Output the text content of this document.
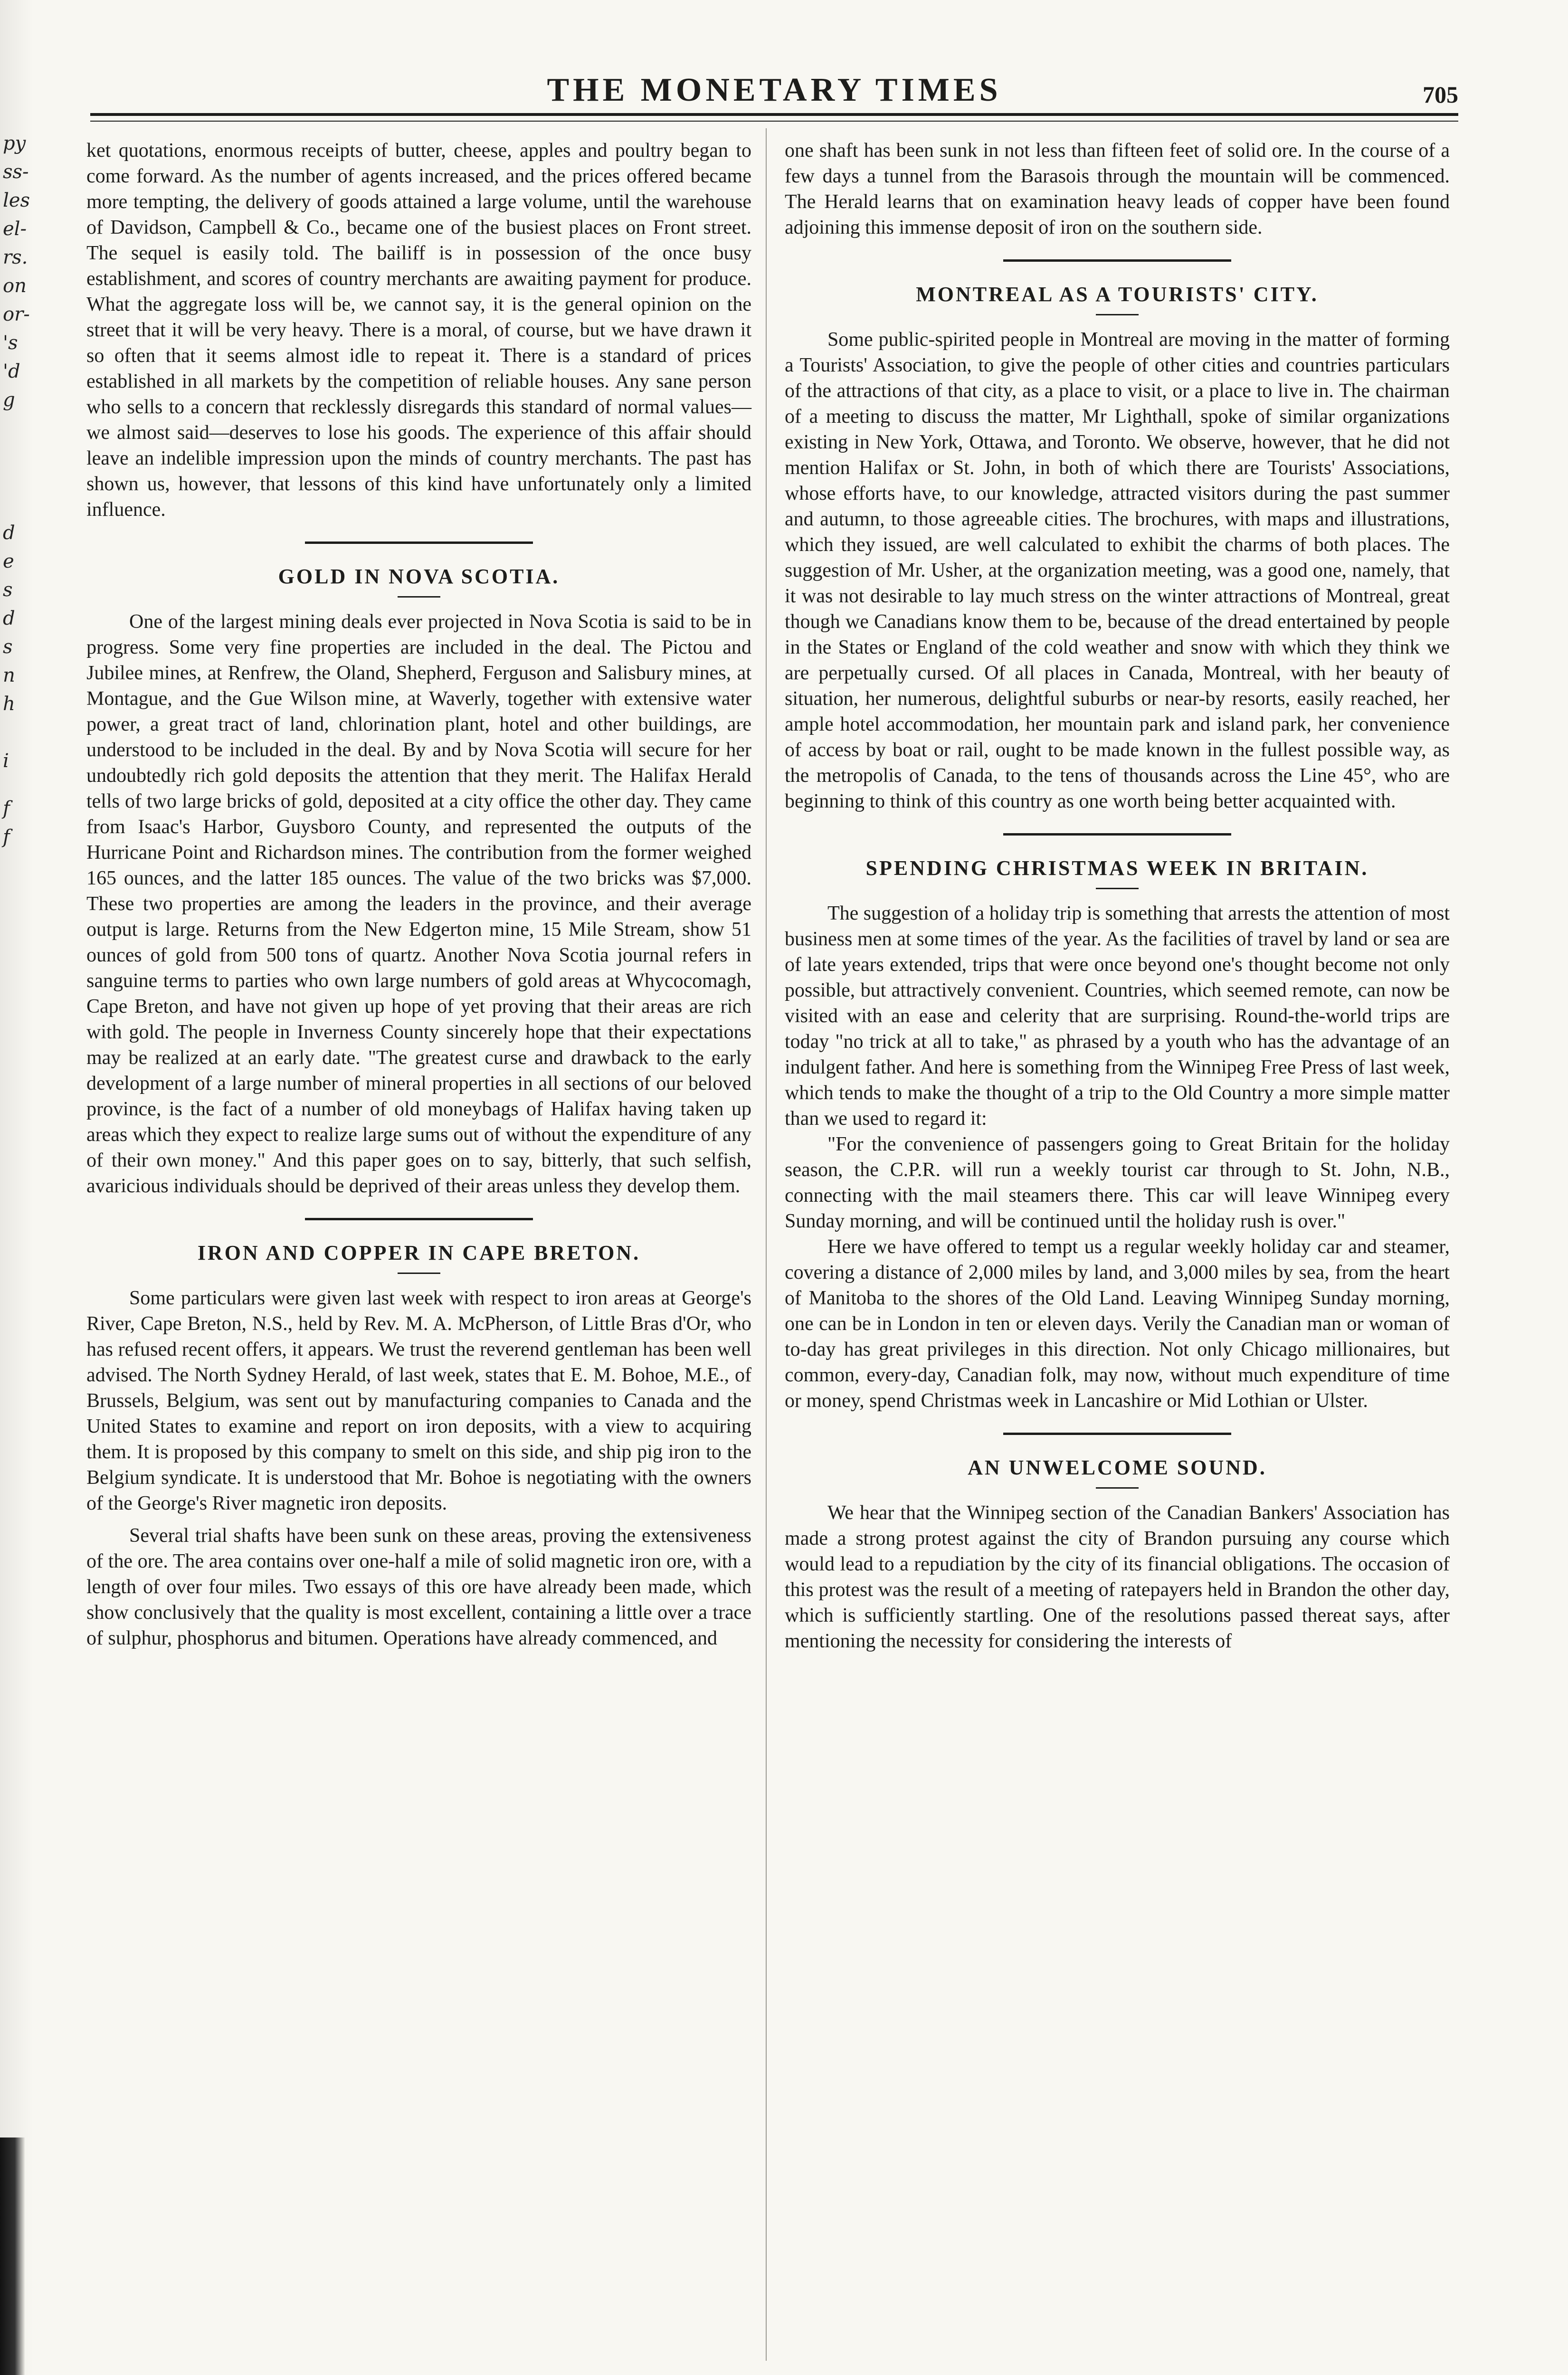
py
ss-
les
el-
rs.
on
or-
's
'd
g
d
e
s
d
s
n
h
i
f
f
THE MONETARY TIMES	705

ket quotations, enormous receipts of butter, cheese, apples and poultry began to come forward. As the number of agents increased, and the prices offered became more tempting, the delivery of goods attained a large volume, until the warehouse of Davidson, Campbell & Co., became one of the busiest places on Front street. The sequel is easily told. The bailiff is in possession of the once busy establishment, and scores of country merchants are awaiting payment for produce. What the aggregate loss will be, we cannot say, it is the general opinion on the street that it will be very heavy. There is a moral, of course, but we have drawn it so often that it seems almost idle to repeat it. There is a standard of prices established in all markets by the competition of reliable houses. Any sane person who sells to a concern that recklessly disregards this standard of normal values—we almost said—deserves to lose his goods. The experience of this affair should leave an indelible impression upon the minds of country merchants. The past has shown us, however, that lessons of this kind have unfortunately only a limited influence.

GOLD IN NOVA SCOTIA.

One of the largest mining deals ever projected in Nova Scotia is said to be in progress. Some very fine properties are included in the deal. The Pictou and Jubilee mines, at Renfrew, the Oland, Shepherd, Ferguson and Salisbury mines, at Montague, and the Gue Wilson mine, at Waverly, together with extensive water power, a great tract of land, chlorination plant, hotel and other buildings, are understood to be included in the deal. By and by Nova Scotia will secure for her undoubtedly rich gold deposits the attention that they merit. The Halifax Herald tells of two large bricks of gold, deposited at a city office the other day. They came from Isaac's Harbor, Guysboro County, and represented the outputs of the Hurricane Point and Richardson mines. The contribution from the former weighed 165 ounces, and the latter 185 ounces. The value of the two bricks was $7,000. These two properties are among the leaders in the province, and their average output is large. Returns from the New Edgerton mine, 15 Mile Stream, show 51 ounces of gold from 500 tons of quartz. Another Nova Scotia journal refers in sanguine terms to parties who own large numbers of gold areas at Whycocomagh, Cape Breton, and have not given up hope of yet proving that their areas are rich with gold. The people in Inverness County sincerely hope that their expectations may be realized at an early date. "The greatest curse and drawback to the early development of a large number of mineral properties in all sections of our beloved province, is the fact of a number of old moneybags of Halifax having taken up areas which they expect to realize large sums out of without the expenditure of any of their own money." And this paper goes on to say, bitterly, that such selfish, avaricious individuals should be deprived of their areas unless they develop them.

IRON AND COPPER IN CAPE BRETON.

Some particulars were given last week with respect to iron areas at George's River, Cape Breton, N.S., held by Rev. M. A. McPherson, of Little Bras d'Or, who has refused recent offers, it appears. We trust the reverend gentleman has been well advised. The North Sydney Herald, of last week, states that E. M. Bohoe, M.E., of Brussels, Belgium, was sent out by manufacturing companies to Canada and the United States to examine and report on iron deposits, with a view to acquiring them. It is proposed by this company to smelt on this side, and ship pig iron to the Belgium syndicate. It is understood that Mr. Bohoe is negotiating with the owners of the George's River magnetic iron deposits.

Several trial shafts have been sunk on these areas, proving the extensiveness of the ore. The area contains over one-half a mile of solid magnetic iron ore, with a length of over four miles. Two essays of this ore have already been made, which show conclusively that the quality is most excellent, containing a little over a trace of sulphur, phosphorus and bitumen. Operations have already commenced, and

one shaft has been sunk in not less than fifteen feet of solid ore. In the course of a few days a tunnel from the Barasois through the mountain will be commenced. The Herald learns that on examination heavy leads of copper have been found adjoining this immense deposit of iron on the southern side.

MONTREAL AS A TOURISTS' CITY.

Some public-spirited people in Montreal are moving in the matter of forming a Tourists' Association, to give the people of other cities and countries particulars of the attractions of that city, as a place to visit, or a place to live in. The chairman of a meeting to discuss the matter, Mr Lighthall, spoke of similar organizations existing in New York, Ottawa, and Toronto. We observe, however, that he did not mention Halifax or St. John, in both of which there are Tourists' Associations, whose efforts have, to our knowledge, attracted visitors during the past summer and autumn, to those agreeable cities. The brochures, with maps and illustrations, which they issued, are well calculated to exhibit the charms of both places. The suggestion of Mr. Usher, at the organization meeting, was a good one, namely, that it was not desirable to lay much stress on the winter attractions of Montreal, great though we Canadians know them to be, because of the dread entertained by people in the States or England of the cold weather and snow with which they think we are perpetually cursed. Of all places in Canada, Montreal, with her beauty of situation, her numerous, delightful suburbs or near-by resorts, easily reached, her ample hotel accommodation, her mountain park and island park, her convenience of access by boat or rail, ought to be made known in the fullest possible way, as the metropolis of Canada, to the tens of thousands across the Line 45°, who are beginning to think of this country as one worth being better acquainted with.

SPENDING CHRISTMAS WEEK IN BRITAIN.

The suggestion of a holiday trip is something that arrests the attention of most business men at some times of the year. As the facilities of travel by land or sea are of late years extended, trips that were once beyond one's thought become not only possible, but attractively convenient. Countries, which seemed remote, can now be visited with an ease and celerity that are surprising. Round-the-world trips are today "no trick at all to take," as phrased by a youth who has the advantage of an indulgent father. And here is something from the Winnipeg Free Press of last week, which tends to make the thought of a trip to the Old Country a more simple matter than we used to regard it:

"For the convenience of passengers going to Great Britain for the holiday season, the C.P.R. will run a weekly tourist car through to St. John, N.B., connecting with the mail steamers there. This car will leave Winnipeg every Sunday morning, and will be continued until the holiday rush is over."

Here we have offered to tempt us a regular weekly holiday car and steamer, covering a distance of 2,000 miles by land, and 3,000 miles by sea, from the heart of Manitoba to the shores of the Old Land. Leaving Winnipeg Sunday morning, one can be in London in ten or eleven days. Verily the Canadian man or woman of to-day has great privileges in this direction. Not only Chicago millionaires, but common, every-day, Canadian folk, may now, without much expenditure of time or money, spend Christmas week in Lancashire or Mid Lothian or Ulster.

AN UNWELCOME SOUND.

We hear that the Winnipeg section of the Canadian Bankers' Association has made a strong protest against the city of Brandon pursuing any course which would lead to a repudiation by the city of its financial obligations. The occasion of this protest was the result of a meeting of ratepayers held in Brandon the other day, which is sufficiently startling. One of the resolutions passed thereat says, after mentioning the necessity for considering the interests of
